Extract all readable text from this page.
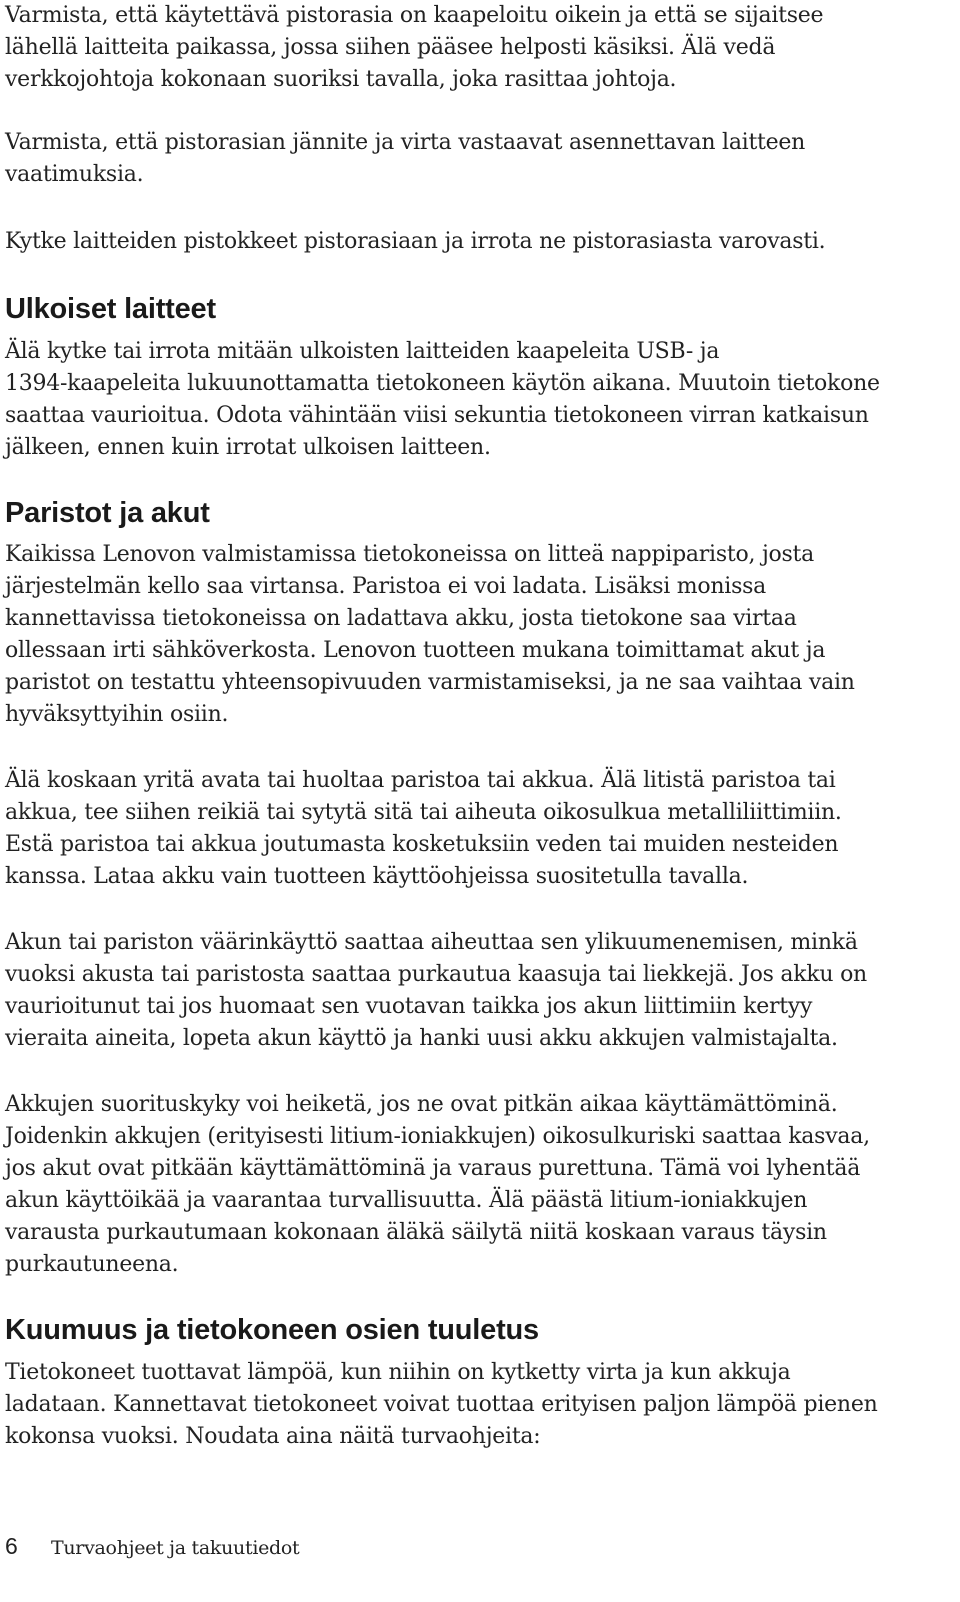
Varmista, että käytettävä pistorasia on kaapeloitu oikein ja että se sijaitsee
lähellä laitteita paikassa, jossa siihen pääsee helposti käsiksi. Älä vedä
verkkojohtoja kokonaan suoriksi tavalla, joka rasittaa johtoja.

Varmista, että pistorasian jännite ja virta vastaavat asennettavan laitteen
vaatimuksia.

Kytke laitteiden pistokkeet pistorasiaan ja irrota ne pistorasiasta varovasti.

Ulkoiset laitteet

Älä kytke tai irrota mitään ulkoisten laitteiden kaapeleita USB- ja
1394-kaapeleita lukuunottamatta tietokoneen käytön aikana. Muutoin tietokone
saattaa vaurioitua. Odota vähintään viisi sekuntia tietokoneen virran katkaisun
jälkeen, ennen kuin irrotat ulkoisen laitteen.

Paristot ja akut

Kaikissa Lenovon valmistamissa tietokoneissa on litteä nappiparisto, josta
järjestelmän kello saa virtansa. Paristoa ei voi ladata. Lisäksi monissa
kannettavissa tietokoneissa on ladattava akku, josta tietokone saa virtaa
ollessaan irti sähköverkosta. Lenovon tuotteen mukana toimittamat akut ja
paristot on testattu yhteensopivuuden varmistamiseksi, ja ne saa vaihtaa vain
hyväksyttyihin osiin.

Älä koskaan yritä avata tai huoltaa paristoa tai akkua. Älä litistä paristoa tai
akkua, tee siihen reikiä tai sytytä sitä tai aiheuta oikosulkua metalliliittimiin.
Estä paristoa tai akkua joutumasta kosketuksiin veden tai muiden nesteiden
kanssa. Lataa akku vain tuotteen käyttöohjeissa suositetulla tavalla.

Akun tai pariston väärinkäyttö saattaa aiheuttaa sen ylikuumenemisen, minkä
vuoksi akusta tai paristosta saattaa purkautua kaasuja tai liekkejä. Jos akku on
vaurioitunut tai jos huomaat sen vuotavan taikka jos akun liittimiin kertyy
vieraita aineita, lopeta akun käyttö ja hanki uusi akku akkujen valmistajalta.

Akkujen suorituskyky voi heiketä, jos ne ovat pitkän aikaa käyttämättöminä.
Joidenkin akkujen (erityisesti litium-ioniakkujen) oikosulkuriski saattaa kasvaa,
jos akut ovat pitkään käyttämättöminä ja varaus purettuna. Tämä voi lyhentää
akun käyttöikää ja vaarantaa turvallisuutta. Älä päästä litium-ioniakkujen
varausta purkautumaan kokonaan äläkä säilytä niitä koskaan varaus täysin
purkautuneena.

Kuumuus ja tietokoneen osien tuuletus

Tietokoneet tuottavat lämpöä, kun niihin on kytketty virta ja kun akkuja
ladataan. Kannettavat tietokoneet voivat tuottaa erityisen paljon lämpöä pienen
kokonsa vuoksi. Noudata aina näitä turvaohjeita:

6	Turvaohjeet ja takuutiedot
